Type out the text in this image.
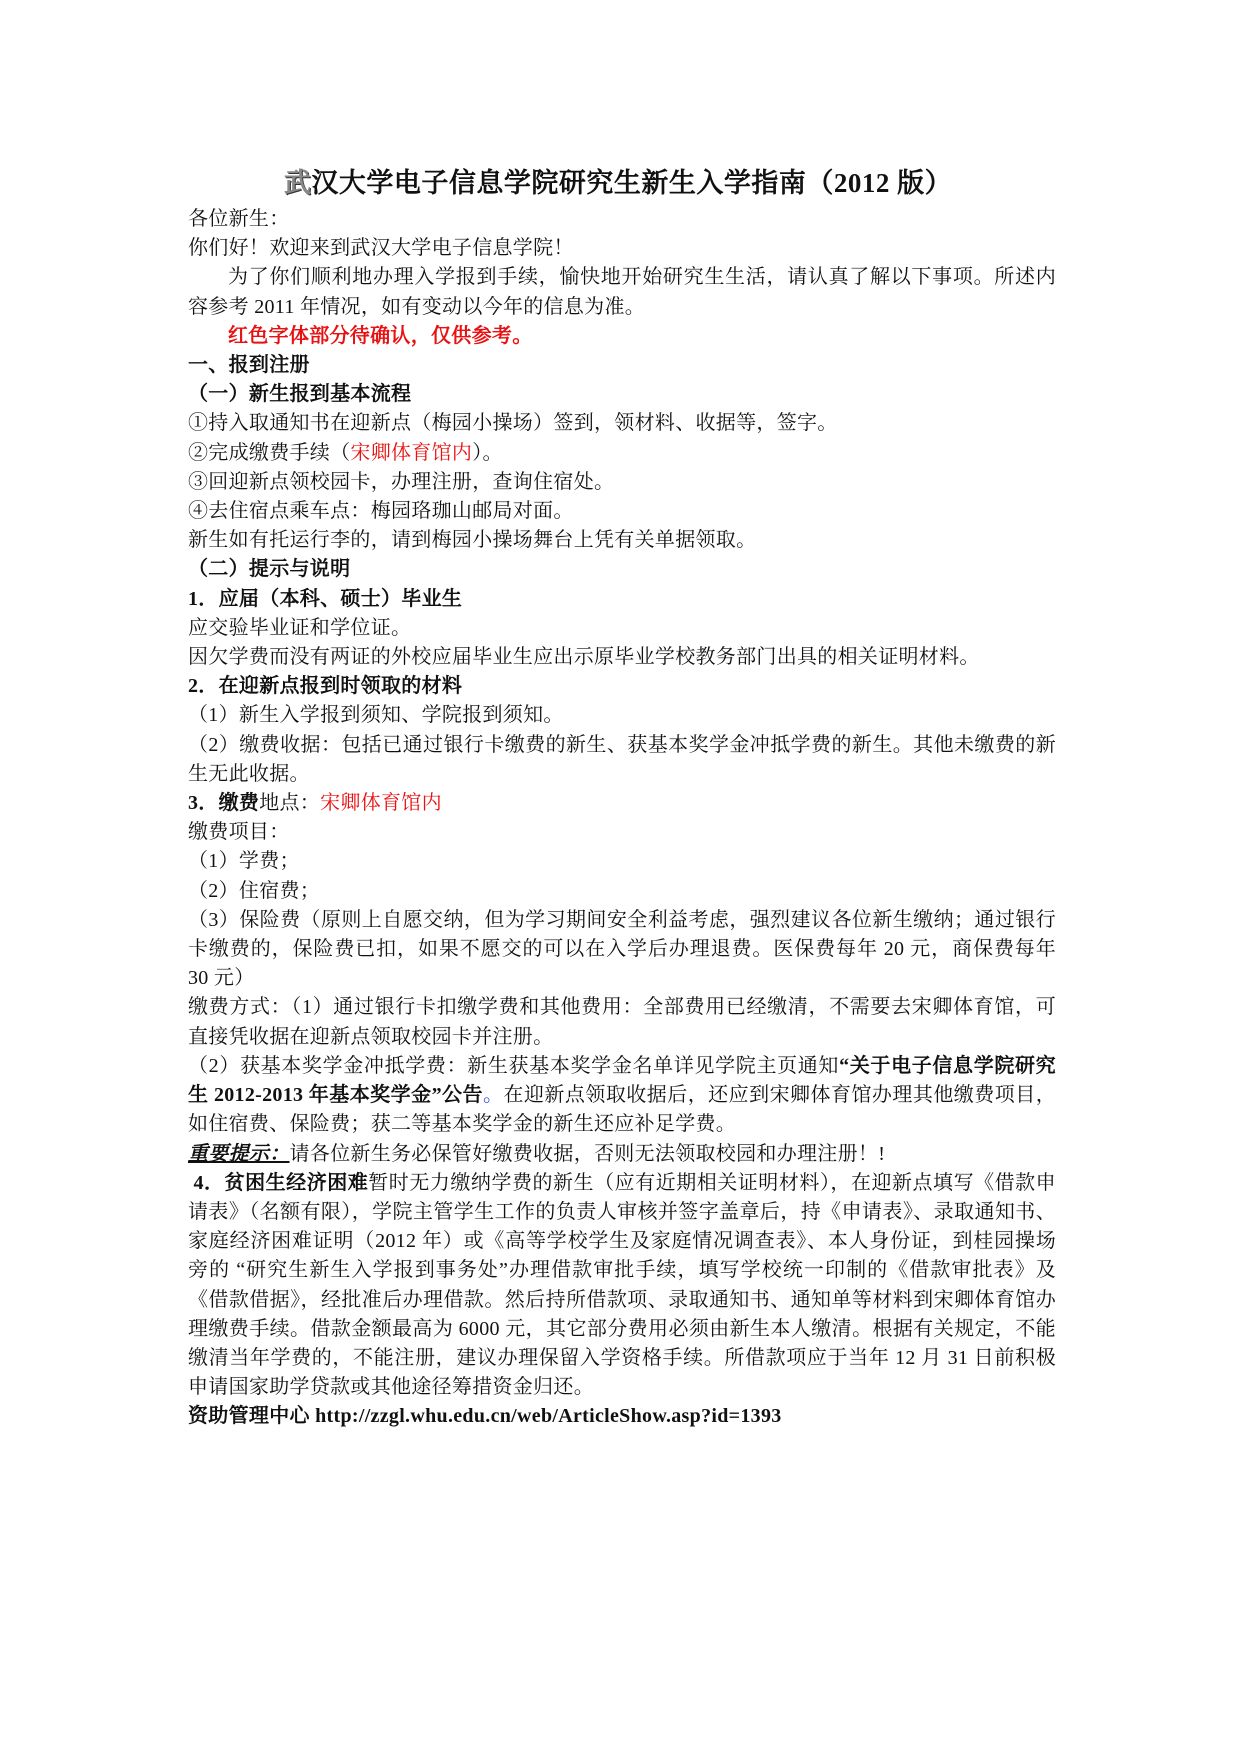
武汉大学电子信息学院研究生新生入学指南（2012 版）

各位新生：

你们好！欢迎来到武汉大学电子信息学院！

为了你们顺利地办理入学报到手续，愉快地开始研究生生活，请认真了解以下事项。所述内容参考 2011 年情况，如有变动以今年的信息为准。

红色字体部分待确认，仅供参考。

一、报到注册

（一）新生报到基本流程

①持入取通知书在迎新点（梅园小操场）签到，领材料、收据等，签字。

②完成缴费手续（宋卿体育馆内）。

③回迎新点领校园卡，办理注册，查询住宿处。

④去住宿点乘车点：梅园珞珈山邮局对面。

新生如有托运行李的，请到梅园小操场舞台上凭有关单据领取。

（二）提示与说明

1．应届（本科、硕士）毕业生

应交验毕业证和学位证。

因欠学费而没有两证的外校应届毕业生应出示原毕业学校教务部门出具的相关证明材料。

2．在迎新点报到时领取的材料

（1）新生入学报到须知、学院报到须知。

（2）缴费收据：包括已通过银行卡缴费的新生、获基本奖学金冲抵学费的新生。其他未缴费的新生无此收据。

3．缴费地点：宋卿体育馆内

缴费项目：

（1）学费；

（2）住宿费；

（3）保险费（原则上自愿交纳，但为学习期间安全利益考虑，强烈建议各位新生缴纳；通过银行卡缴费的，保险费已扣，如果不愿交的可以在入学后办理退费。医保费每年 20 元，商保费每年 30 元）

缴费方式：（1）通过银行卡扣缴学费和其他费用：全部费用已经缴清，不需要去宋卿体育馆，可直接凭收据在迎新点领取校园卡并注册。

（2）获基本奖学金冲抵学费：新生获基本奖学金名单详见学院主页通知“关于电子信息学院研究生 2012-2013 年基本奖学金”公告。在迎新点领取收据后，还应到宋卿体育馆办理其他缴费项目，如住宿费、保险费；获二等基本奖学金的新生还应补足学费。

重要提示：请各位新生务必保管好缴费收据，否则无法领取校园和办理注册！!

4．贫困生经济困难暂时无力缴纳学费的新生（应有近期相关证明材料），在迎新点填写《借款申请表》（名额有限），学院主管学生工作的负责人审核并签字盖章后，持《申请表》、录取通知书、家庭经济困难证明（2012 年）或《高等学校学生及家庭情况调查表》、本人身份证，到桂园操场旁的 “研究生新生入学报到事务处”办理借款审批手续，填写学校统一印制的《借款审批表》及《借款借据》，经批准后办理借款。然后持所借款项、录取通知书、通知单等材料到宋卿体育馆办理缴费手续。借款金额最高为 6000 元，其它部分费用必须由新生本人缴清。根据有关规定，不能缴清当年学费的，不能注册，建议办理保留入学资格手续。所借款项应于当年 12 月 31 日前积极申请国家助学贷款或其他途径筹措资金归还。

资助管理中心 http://zzgl.whu.edu.cn/web/ArticleShow.asp?id=1393
